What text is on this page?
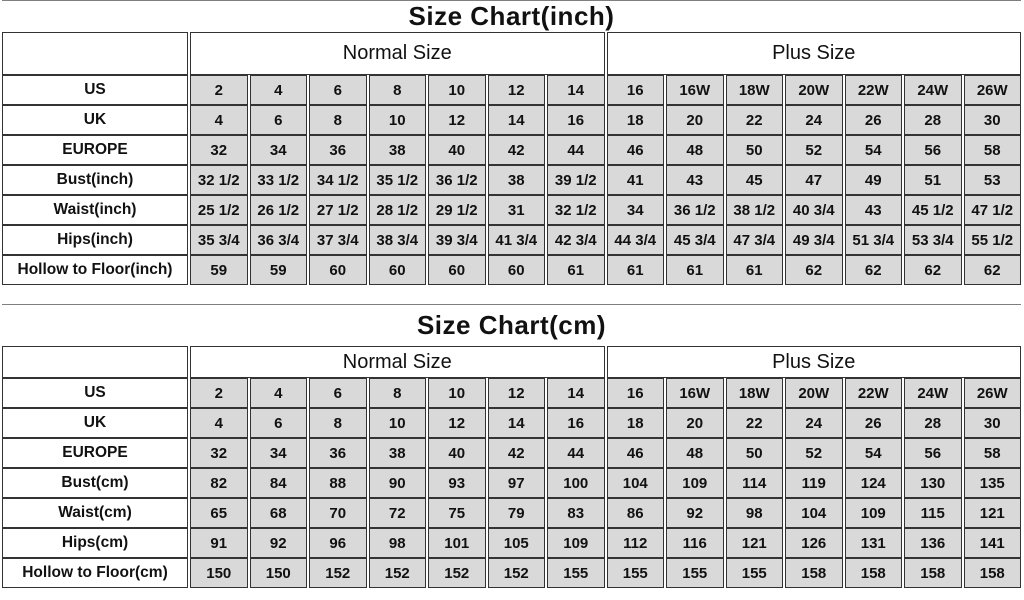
Size Chart(inch)														
	Normal Size							Plus Size						
US	2	4	6	8	10	12	14	16	16W	18W	20W	22W	24W	26W
UK	4	6	8	10	12	14	16	18	20	22	24	26	28	30
EUROPE	32	34	36	38	40	42	44	46	48	50	52	54	56	58
Bust(inch)	32 1/2	33 1/2	34 1/2	35 1/2	36 1/2	38	39 1/2	41	43	45	47	49	51	53
Waist(inch)	25 1/2	26 1/2	27 1/2	28 1/2	29 1/2	31	32 1/2	34	36 1/2	38 1/2	40 3/4	43	45 1/2	47 1/2
Hips(inch)	35 3/4	36 3/4	37 3/4	38 3/4	39 3/4	41 3/4	42 3/4	44 3/4	45 3/4	47 3/4	49 3/4	51 3/4	53 3/4	55 1/2
Hollow to Floor(inch)	59	59	60	60	60	60	61	61	61	61	62	62	62	62
Size Chart(cm)														
	Normal Size							Plus Size						
US	2	4	6	8	10	12	14	16	16W	18W	20W	22W	24W	26W
UK	4	6	8	10	12	14	16	18	20	22	24	26	28	30
EUROPE	32	34	36	38	40	42	44	46	48	50	52	54	56	58
Bust(cm)	82	84	88	90	93	97	100	104	109	114	119	124	130	135
Waist(cm)	65	68	70	72	75	79	83	86	92	98	104	109	115	121
Hips(cm)	91	92	96	98	101	105	109	112	116	121	126	131	136	141
Hollow to Floor(cm)	150	150	152	152	152	152	155	155	155	155	158	158	158	158
